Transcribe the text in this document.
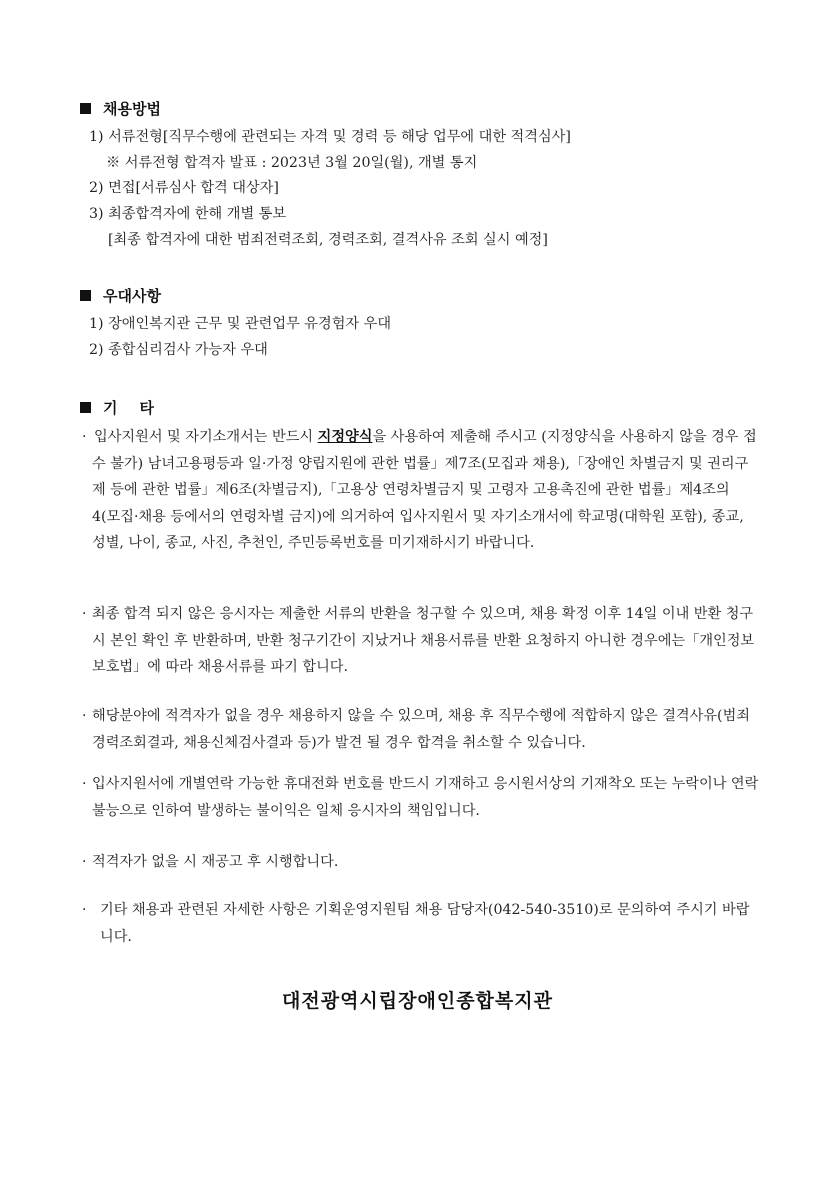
채용방법
1) 서류전형[직무수행에 관련되는 자격 및 경력 등 해당 업무에 대한 적격심사]
※ 서류전형 합격자 발표 : 2023년 3월 20일(월), 개별 통지
2) 면접[서류심사 합격 대상자]
3) 최종합격자에 한해 개별 통보
[최종 합격자에 대한 범죄전력조회, 경력조회, 결격사유 조회 실시 예정]
우대사항
1) 장애인복지관 근무 및 관련업무 유경험자 우대
2) 종합심리검사 가능자 우대
기타
· 입사지원서 및 자기소개서는 반드시 지정양식을 사용하여 제출해 주시고 (지정양식을 사용하지 않을 경우 접수 불가) 남녀고용평등과 일·가정 양립지원에 관한 법률」제7조(모집과 채용),「장애인 차별금지 및 권리구제 등에 관한 법률」제6조(차별금지),「고용상 연령차별금지 및 고령자 고용촉진에 관한 법률」제4조의 4(모집·채용 등에서의 연령차별 금지)에 의거하여 입사지원서 및 자기소개서에 학교명(대학원 포함), 종교, 성별, 나이, 종교, 사진, 추천인, 주민등록번호를 미기재하시기 바랍니다.
· 최종 합격 되지 않은 응시자는 제출한 서류의 반환을 청구할 수 있으며, 채용 확정 이후 14일 이내 반환 청구 시 본인 확인 후 반환하며, 반환 청구기간이 지났거나 채용서류를 반환 요청하지 아니한 경우에는「개인정보보호법」에 따라 채용서류를 파기 합니다.
· 해당분야에 적격자가 없을 경우 채용하지 않을 수 있으며, 채용 후 직무수행에 적합하지 않은 결격사유(범죄경력조회결과, 채용신체검사결과 등)가 발견 될 경우 합격을 취소할 수 있습니다.
· 입사지원서에 개별연락 가능한 휴대전화 번호를 반드시 기재하고 응시원서상의 기재착오 또는 누락이나 연락 불능으로 인하여 발생하는 불이익은 일체 응시자의 책임입니다.
· 적격자가 없을 시 재공고 후 시행합니다.
· 기타 채용과 관련된 자세한 사항은 기획운영지원팀 채용 담당자(042-540-3510)로 문의하여 주시기 바랍니다.
대전광역시립장애인종합복지관
